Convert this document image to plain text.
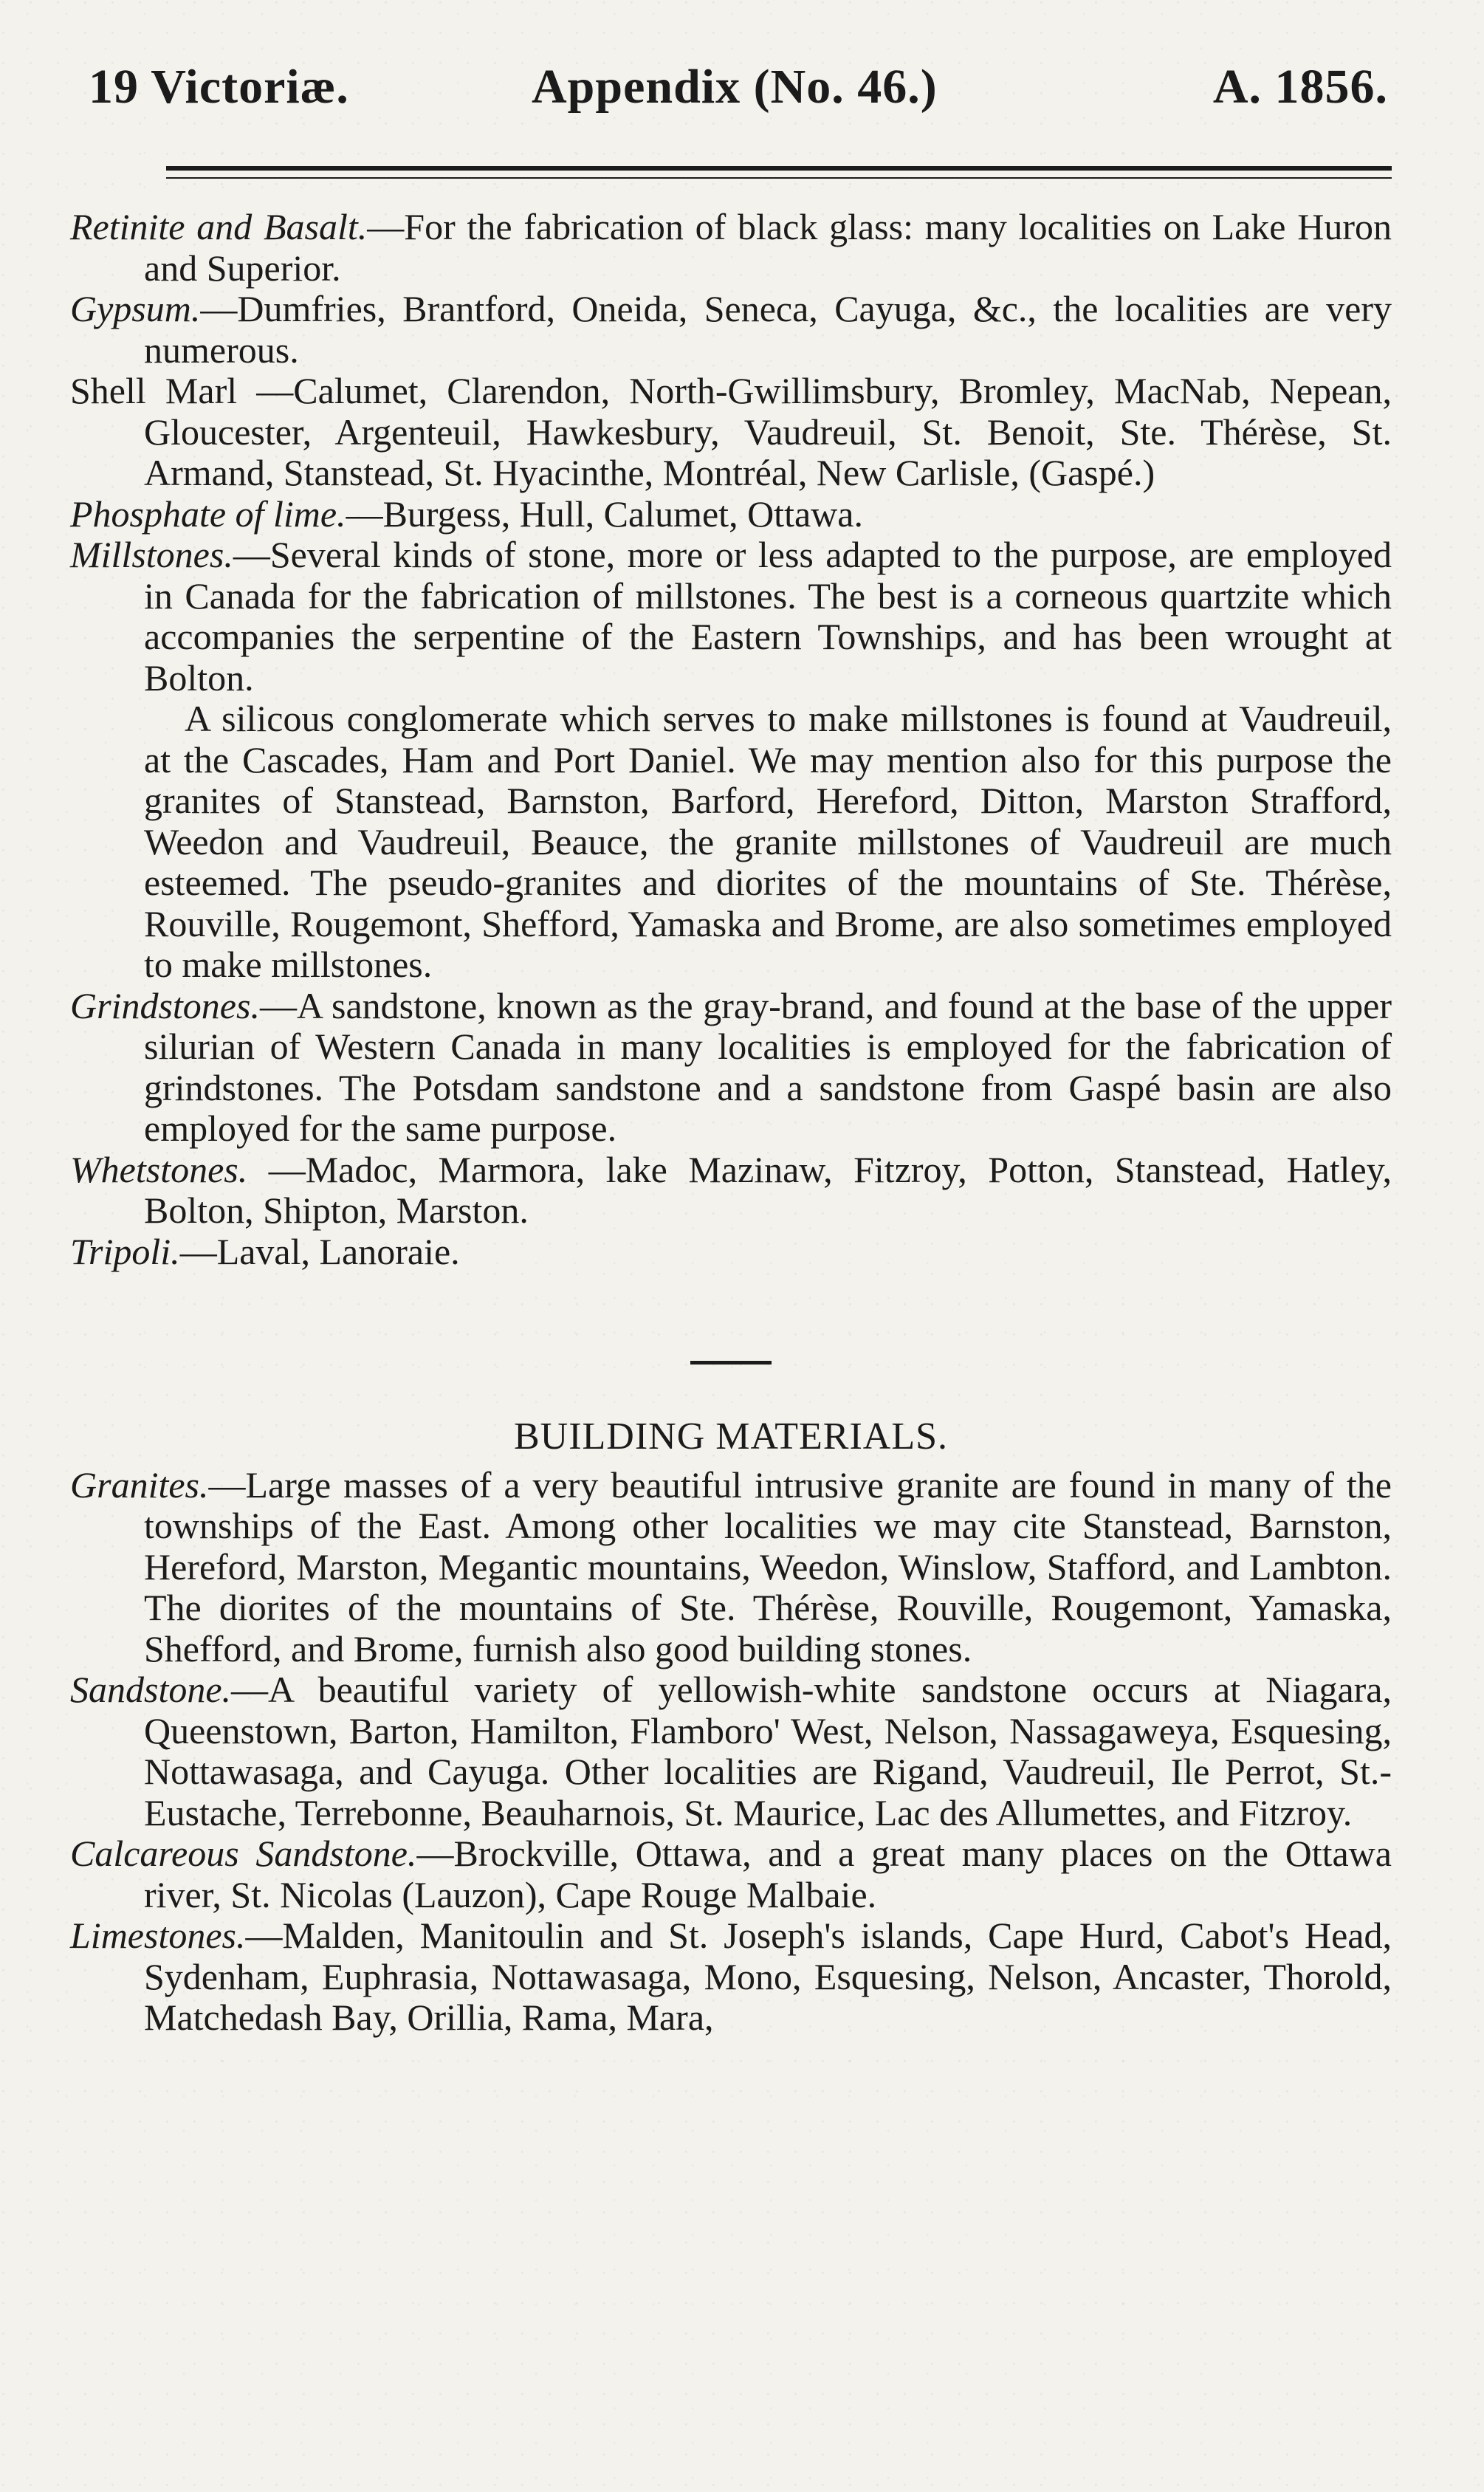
19 Victoriæ.	Appendix (No. 46.)	A. 1856.

Retinite and Basalt.—For the fabrication of black glass: many localities on Lake Huron and Superior.

Gypsum.—Dumfries, Brantford, Oneida, Seneca, Cayuga, &c., the localities are very numerous.

Shell Marl —Calumet, Clarendon, North-Gwillimsbury, Bromley, MacNab, Nepean, Gloucester, Argenteuil, Hawkesbury, Vaudreuil, St. Benoit, Ste. Thérèse, St. Armand, Stanstead, St. Hyacinthe, Montréal, New Carlisle, (Gaspé.)

Phosphate of lime.—Burgess, Hull, Calumet, Ottawa.

Millstones.—Several kinds of stone, more or less adapted to the purpose, are employed in Canada for the fabrication of millstones. The best is a corneous quartzite which accompanies the serpentine of the Eastern Townships, and has been wrought at Bolton.

A silicous conglomerate which serves to make millstones is found at Vaudreuil, at the Cascades, Ham and Port Daniel. We may mention also for this purpose the granites of Stanstead, Barnston, Barford, Hereford, Ditton, Marston Strafford, Weedon and Vaudreuil, Beauce, the granite millstones of Vaudreuil are much esteemed. The pseudo-granites and diorites of the mountains of Ste. Thérèse, Rouville, Rougemont, Shefford, Yamaska and Brome, are also sometimes employed to make millstones.

Grindstones.—A sandstone, known as the gray-brand, and found at the base of the upper silurian of Western Canada in many localities is employed for the fabrication of grindstones. The Potsdam sandstone and a sandstone from Gaspé basin are also employed for the same purpose.

Whetstones. —Madoc, Marmora, lake Mazinaw, Fitzroy, Potton, Stanstead, Hatley, Bolton, Shipton, Marston.

Tripoli.—Laval, Lanoraie.

BUILDING MATERIALS.

Granites.—Large masses of a very beautiful intrusive granite are found in many of the townships of the East. Among other localities we may cite Stanstead, Barnston, Hereford, Marston, Megantic mountains, Weedon, Winslow, Stafford, and Lambton. The diorites of the mountains of Ste. Thérèse, Rouville, Rougemont, Yamaska, Shefford, and Brome, furnish also good building stones.

Sandstone.—A beautiful variety of yellowish-white sandstone occurs at Niagara, Queenstown, Barton, Hamilton, Flamboro' West, Nelson, Nassagaweya, Esquesing, Nottawasaga, and Cayuga. Other localities are Rigand, Vaudreuil, Ile Perrot, St.-Eustache, Terrebonne, Beauharnois, St. Maurice, Lac des Allumettes, and Fitzroy.

Calcareous Sandstone.—Brockville, Ottawa, and a great many places on the Ottawa river, St. Nicolas (Lauzon), Cape Rouge Malbaie.

Limestones.—Malden, Manitoulin and St. Joseph's islands, Cape Hurd, Cabot's Head, Sydenham, Euphrasia, Nottawasaga, Mono, Esquesing, Nelson, Ancaster, Thorold, Matchedash Bay, Orillia, Rama, Mara,
